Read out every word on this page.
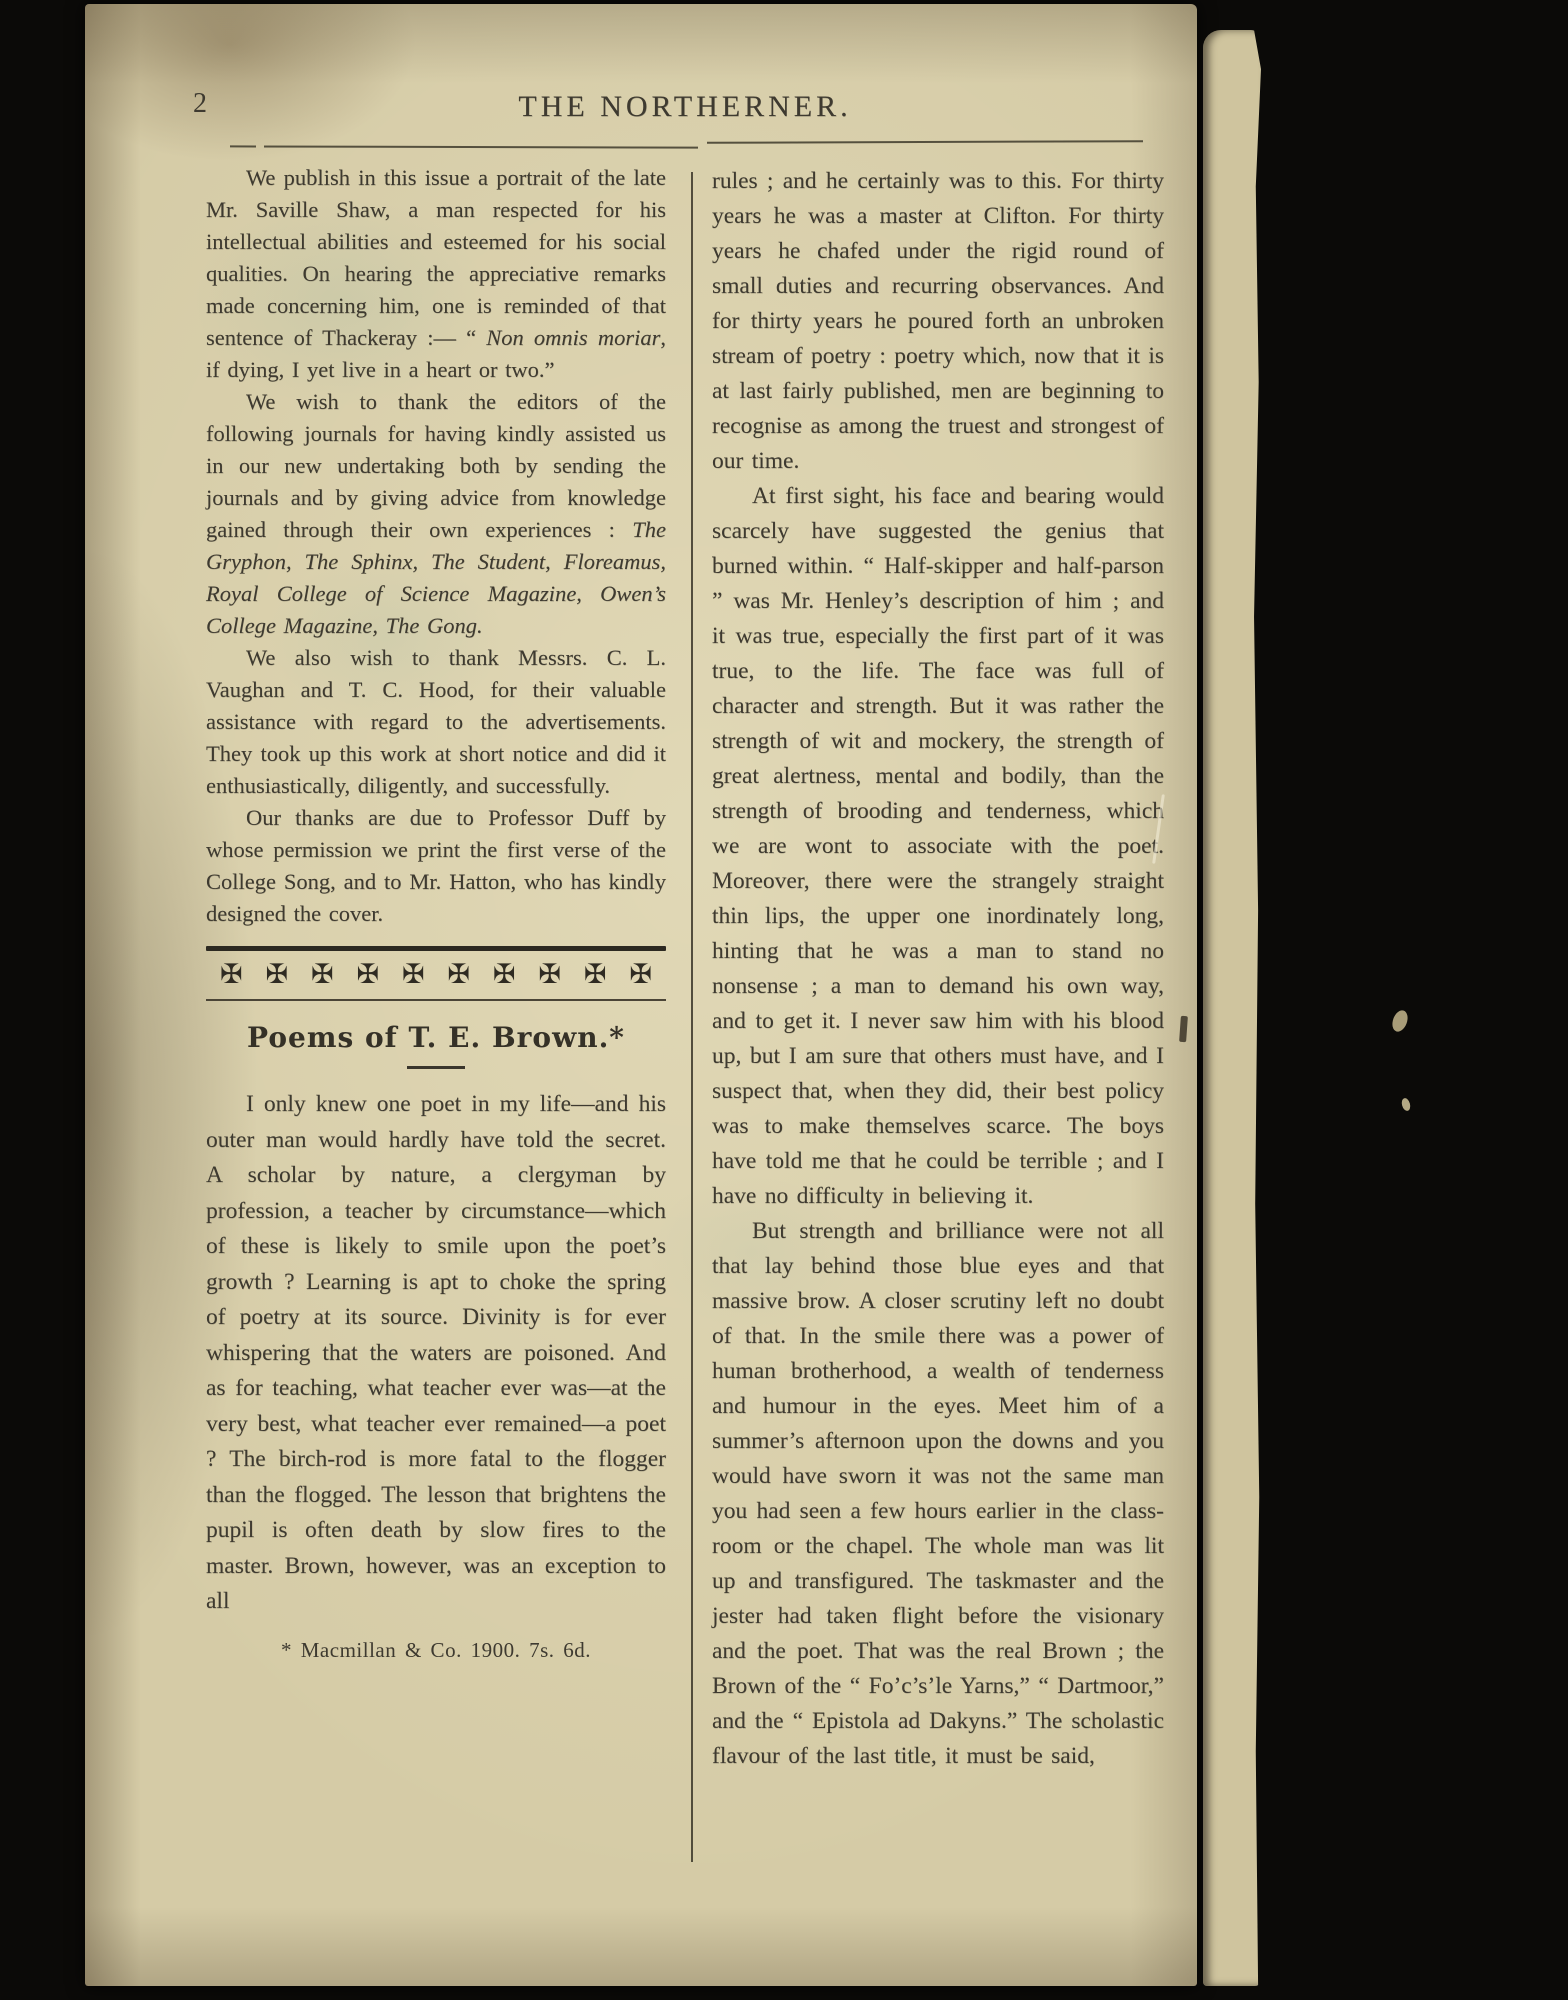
2	THE NORTHERNER.

We publish in this issue a portrait of the late Mr. Saville Shaw, a man respected for his intellectual abilities and esteemed for his social qualities. On hearing the appreciative remarks made concerning him, one is reminded of that sentence of Thackeray :— “ Non omnis moriar, if dying, I yet live in a heart or two.”

We wish to thank the editors of the following journals for having kindly assisted us in our new undertaking both by sending the journals and by giving advice from knowledge gained through their own experiences : The Gryphon, The Sphinx, The Student, Floreamus, Royal College of Science Magazine, Owen’s College Magazine, The Gong.

We also wish to thank Messrs. C. L. Vaughan and T. C. Hood, for their valuable assistance with regard to the advertisements. They took up this work at short notice and did it enthusiastically, diligently, and successfully.

Our thanks are due to Professor Duff by whose permission we print the first verse of the College Song, and to Mr. Hatton, who has kindly designed the cover.

✠ ✠ ✠ ✠ ✠ ✠ ✠ ✠ ✠ ✠
Poems of T. E. Brown.*

I only knew one poet in my life—and his outer man would hardly have told the secret. A scholar by nature, a clergyman by profession, a teacher by circumstance—which of these is likely to smile upon the poet’s growth ? Learning is apt to choke the spring of poetry at its source. Divinity is for ever whispering that the waters are poisoned. And as for teaching, what teacher ever was—at the very best, what teacher ever remained—a poet ? The birch-rod is more fatal to the flogger than the flogged. The lesson that brightens the pupil is often death by slow fires to the master. Brown, however, was an exception to all

* Macmillan & Co. 1900. 7s. 6d.

rules ; and he certainly was to this. For thirty years he was a master at Clifton. For thirty years he chafed under the rigid round of small duties and recurring observances. And for thirty years he poured forth an unbroken stream of poetry : poetry which, now that it is at last fairly published, men are beginning to recognise as among the truest and strongest of our time.

At first sight, his face and bearing would scarcely have suggested the genius that burned within. “ Half-skipper and half-parson ” was Mr. Henley’s description of him ; and it was true, especially the first part of it was true, to the life. The face was full of character and strength. But it was rather the strength of wit and mockery, the strength of great alertness, mental and bodily, than the strength of brooding and tenderness, which we are wont to associate with the poet. Moreover, there were the strangely straight thin lips, the upper one inordinately long, hinting that he was a man to stand no nonsense ; a man to demand his own way, and to get it. I never saw him with his blood up, but I am sure that others must have, and I suspect that, when they did, their best policy was to make themselves scarce. The boys have told me that he could be terrible ; and I have no difficulty in believing it.

But strength and brilliance were not all that lay behind those blue eyes and that massive brow. A closer scrutiny left no doubt of that. In the smile there was a power of human brotherhood, a wealth of tenderness and humour in the eyes. Meet him of a summer’s afternoon upon the downs and you would have sworn it was not the same man you had seen a few hours earlier in the class-room or the chapel. The whole man was lit up and transfigured. The taskmaster and the jester had taken flight before the visionary and the poet. That was the real Brown ; the Brown of the “ Fo’c’s’le Yarns,” “ Dartmoor,” and the “ Epistola ad Dakyns.” The scholastic flavour of the last title, it must be said,
